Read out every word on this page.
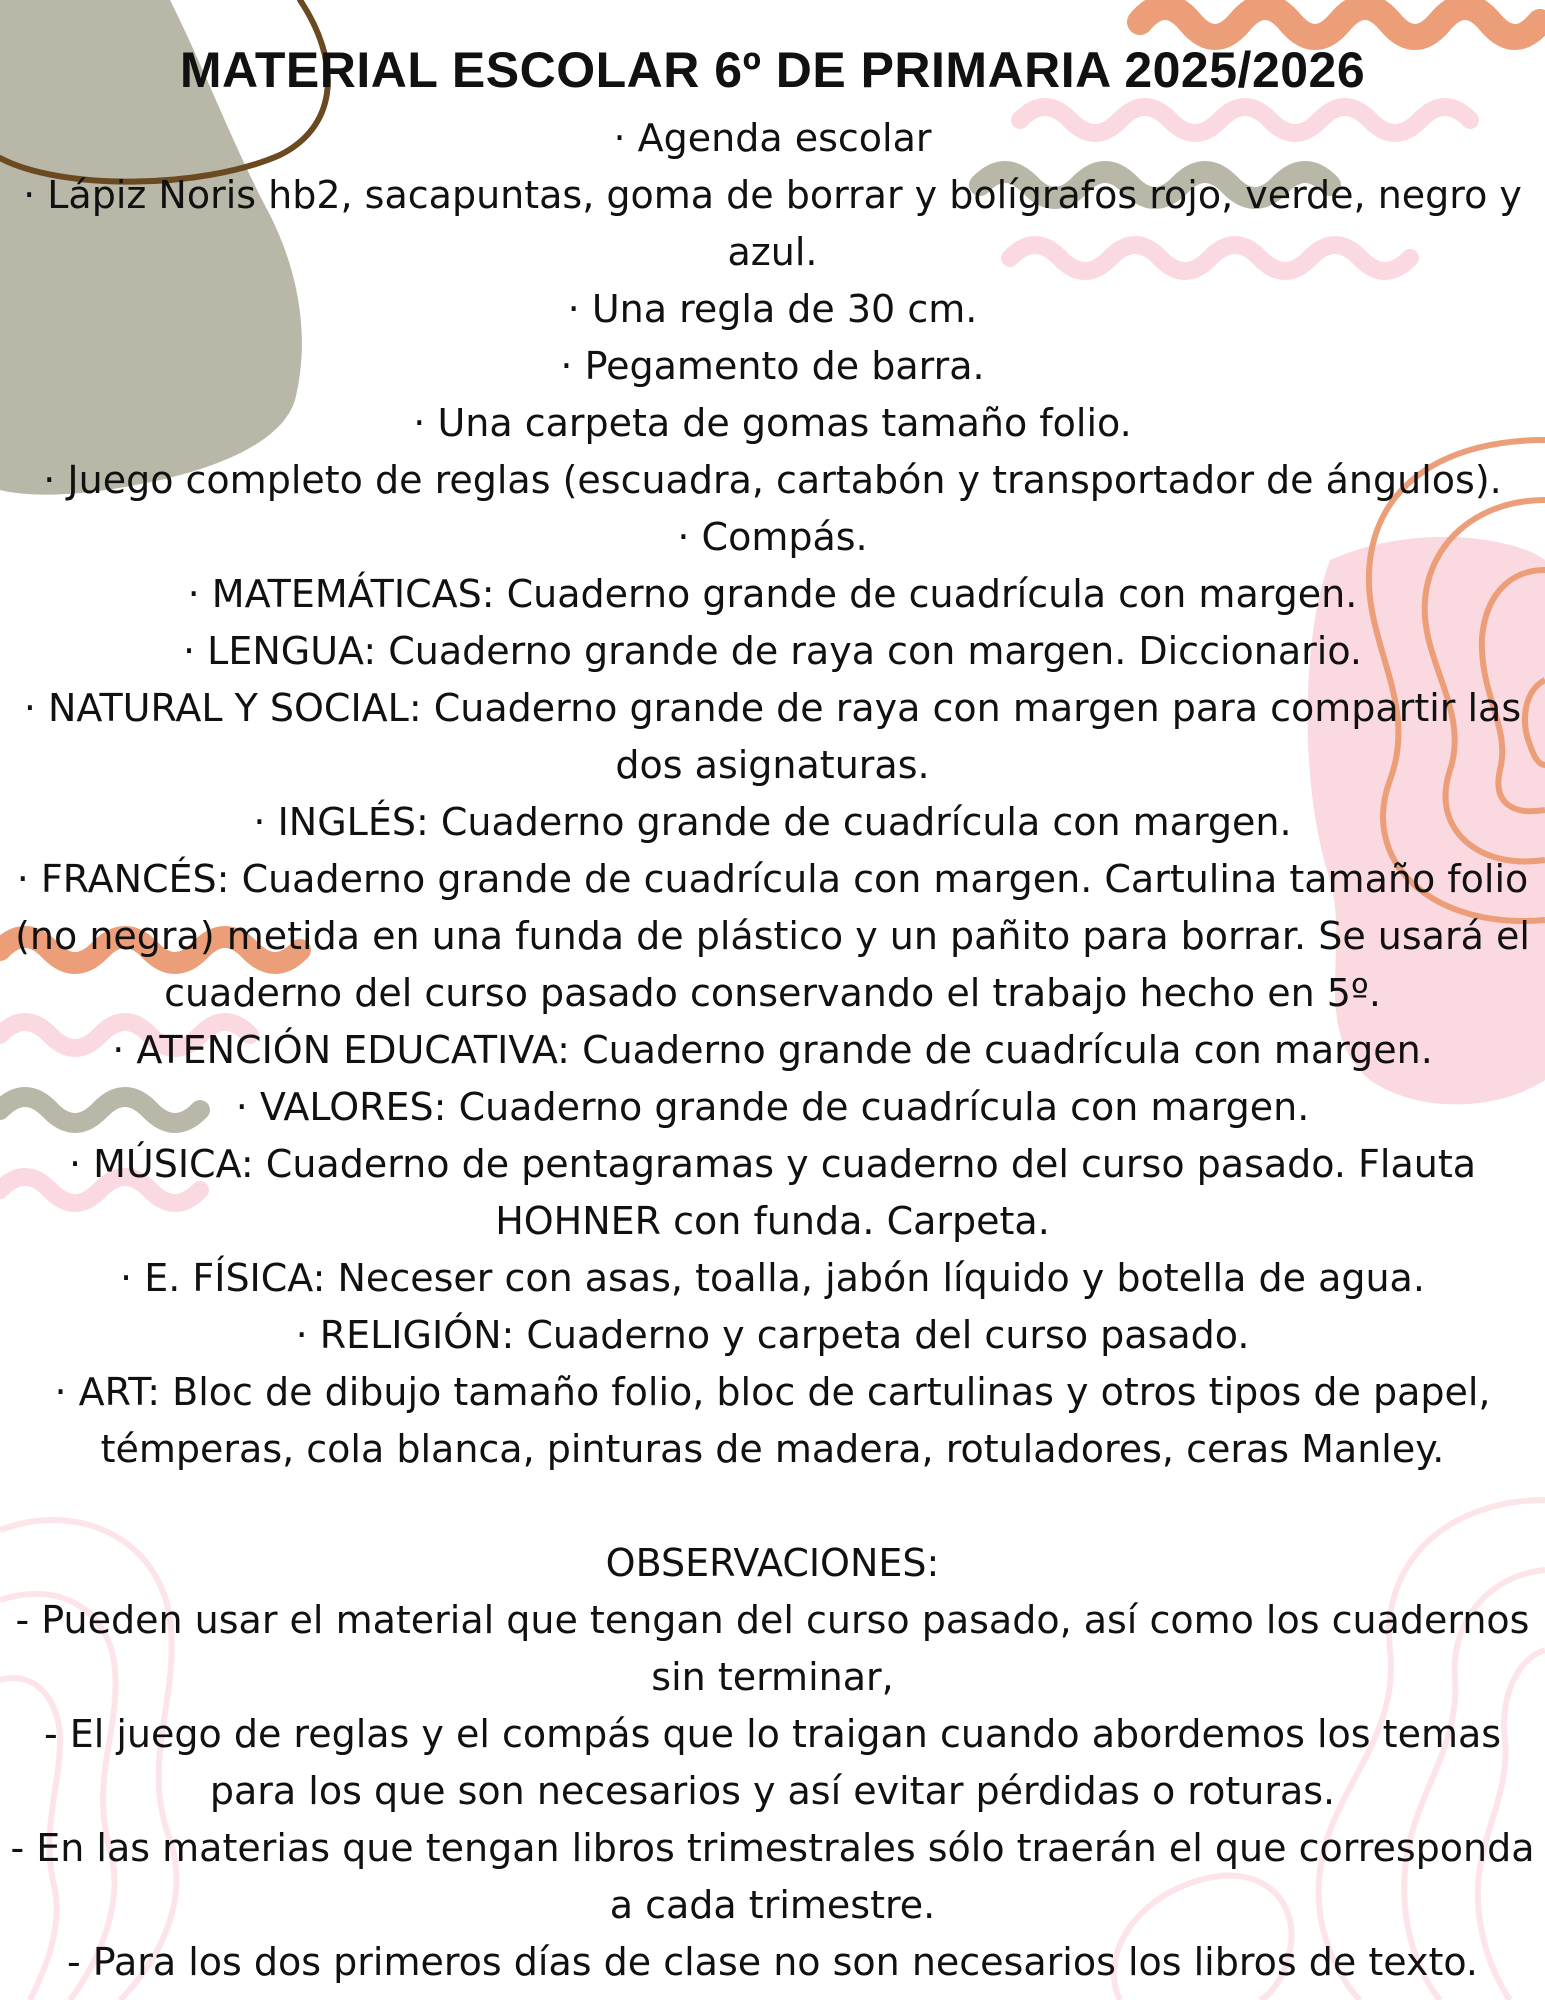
MATERIAL ESCOLAR 6º DE PRIMARIA 2025/2026
· Agenda escolar
· Lápiz Noris hb2, sacapuntas, goma de borrar y bolígrafos rojo, verde, negro y azul.
· Una regla de 30 cm.
· Pegamento de barra.
· Una carpeta de gomas tamaño folio.
· Juego completo de reglas (escuadra, cartabón y transportador de ángulos).
· Compás.
· MATEMÁTICAS: Cuaderno grande de cuadrícula con margen.
· LENGUA: Cuaderno grande de raya con margen. Diccionario.
· NATURAL Y SOCIAL: Cuaderno grande de raya con margen para compartir las dos asignaturas.
· INGLÉS: Cuaderno grande de cuadrícula con margen.
· FRANCÉS: Cuaderno grande de cuadrícula con margen. Cartulina tamaño folio (no negra) metida en una funda de plástico y un pañito para borrar. Se usará el cuaderno del curso pasado conservando el trabajo hecho en 5º.
· ATENCIÓN EDUCATIVA: Cuaderno grande de cuadrícula con margen.
· VALORES: Cuaderno grande de cuadrícula con margen.
· MÚSICA: Cuaderno de pentagramas y cuaderno del curso pasado. Flauta HOHNER con funda. Carpeta.
· E. FÍSICA: Neceser con asas, toalla, jabón líquido y botella de agua.
· RELIGIÓN: Cuaderno y carpeta del curso pasado.
· ART: Bloc de dibujo tamaño folio, bloc de cartulinas y otros tipos de papel, témperas, cola blanca, pinturas de madera, rotuladores, ceras Manley.

OBSERVACIONES:

- Pueden usar el material que tengan del curso pasado, así como los cuadernos sin terminar,
- El juego de reglas y el compás que lo traigan cuando abordemos los temas para los que son necesarios y así evitar pérdidas o roturas.
- En las materias que tengan libros trimestrales sólo traerán el que corresponda a cada trimestre.
- Para los dos primeros días de clase no son necesarios los libros de texto.
